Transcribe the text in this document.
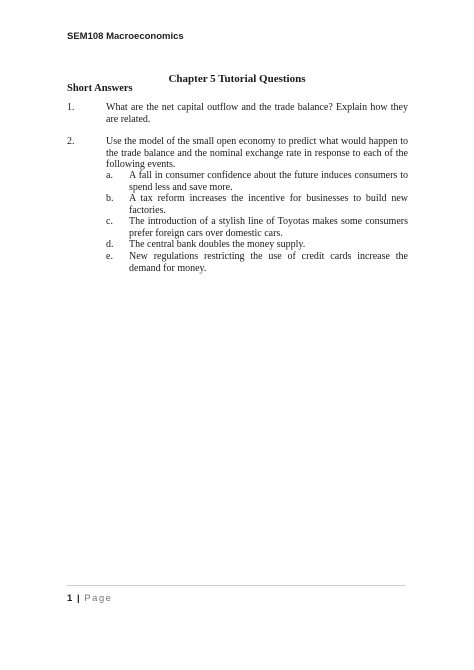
SEM108 Macroeconomics
Chapter 5 Tutorial Questions
Short Answers
1.	What are the net capital outflow and the trade balance? Explain how they are related.
2.	Use the model of the small open economy to predict what would happen to the trade balance and the nominal exchange rate in response to each of the following events.
a. A fall in consumer confidence about the future induces consumers to spend less and save more.
b. A tax reform increases the incentive for businesses to build new factories.
c. The introduction of a stylish line of Toyotas makes some consumers prefer foreign cars over domestic cars.
d. The central bank doubles the money supply.
e. New regulations restricting the use of credit cards increase the demand for money.
1 | Page
